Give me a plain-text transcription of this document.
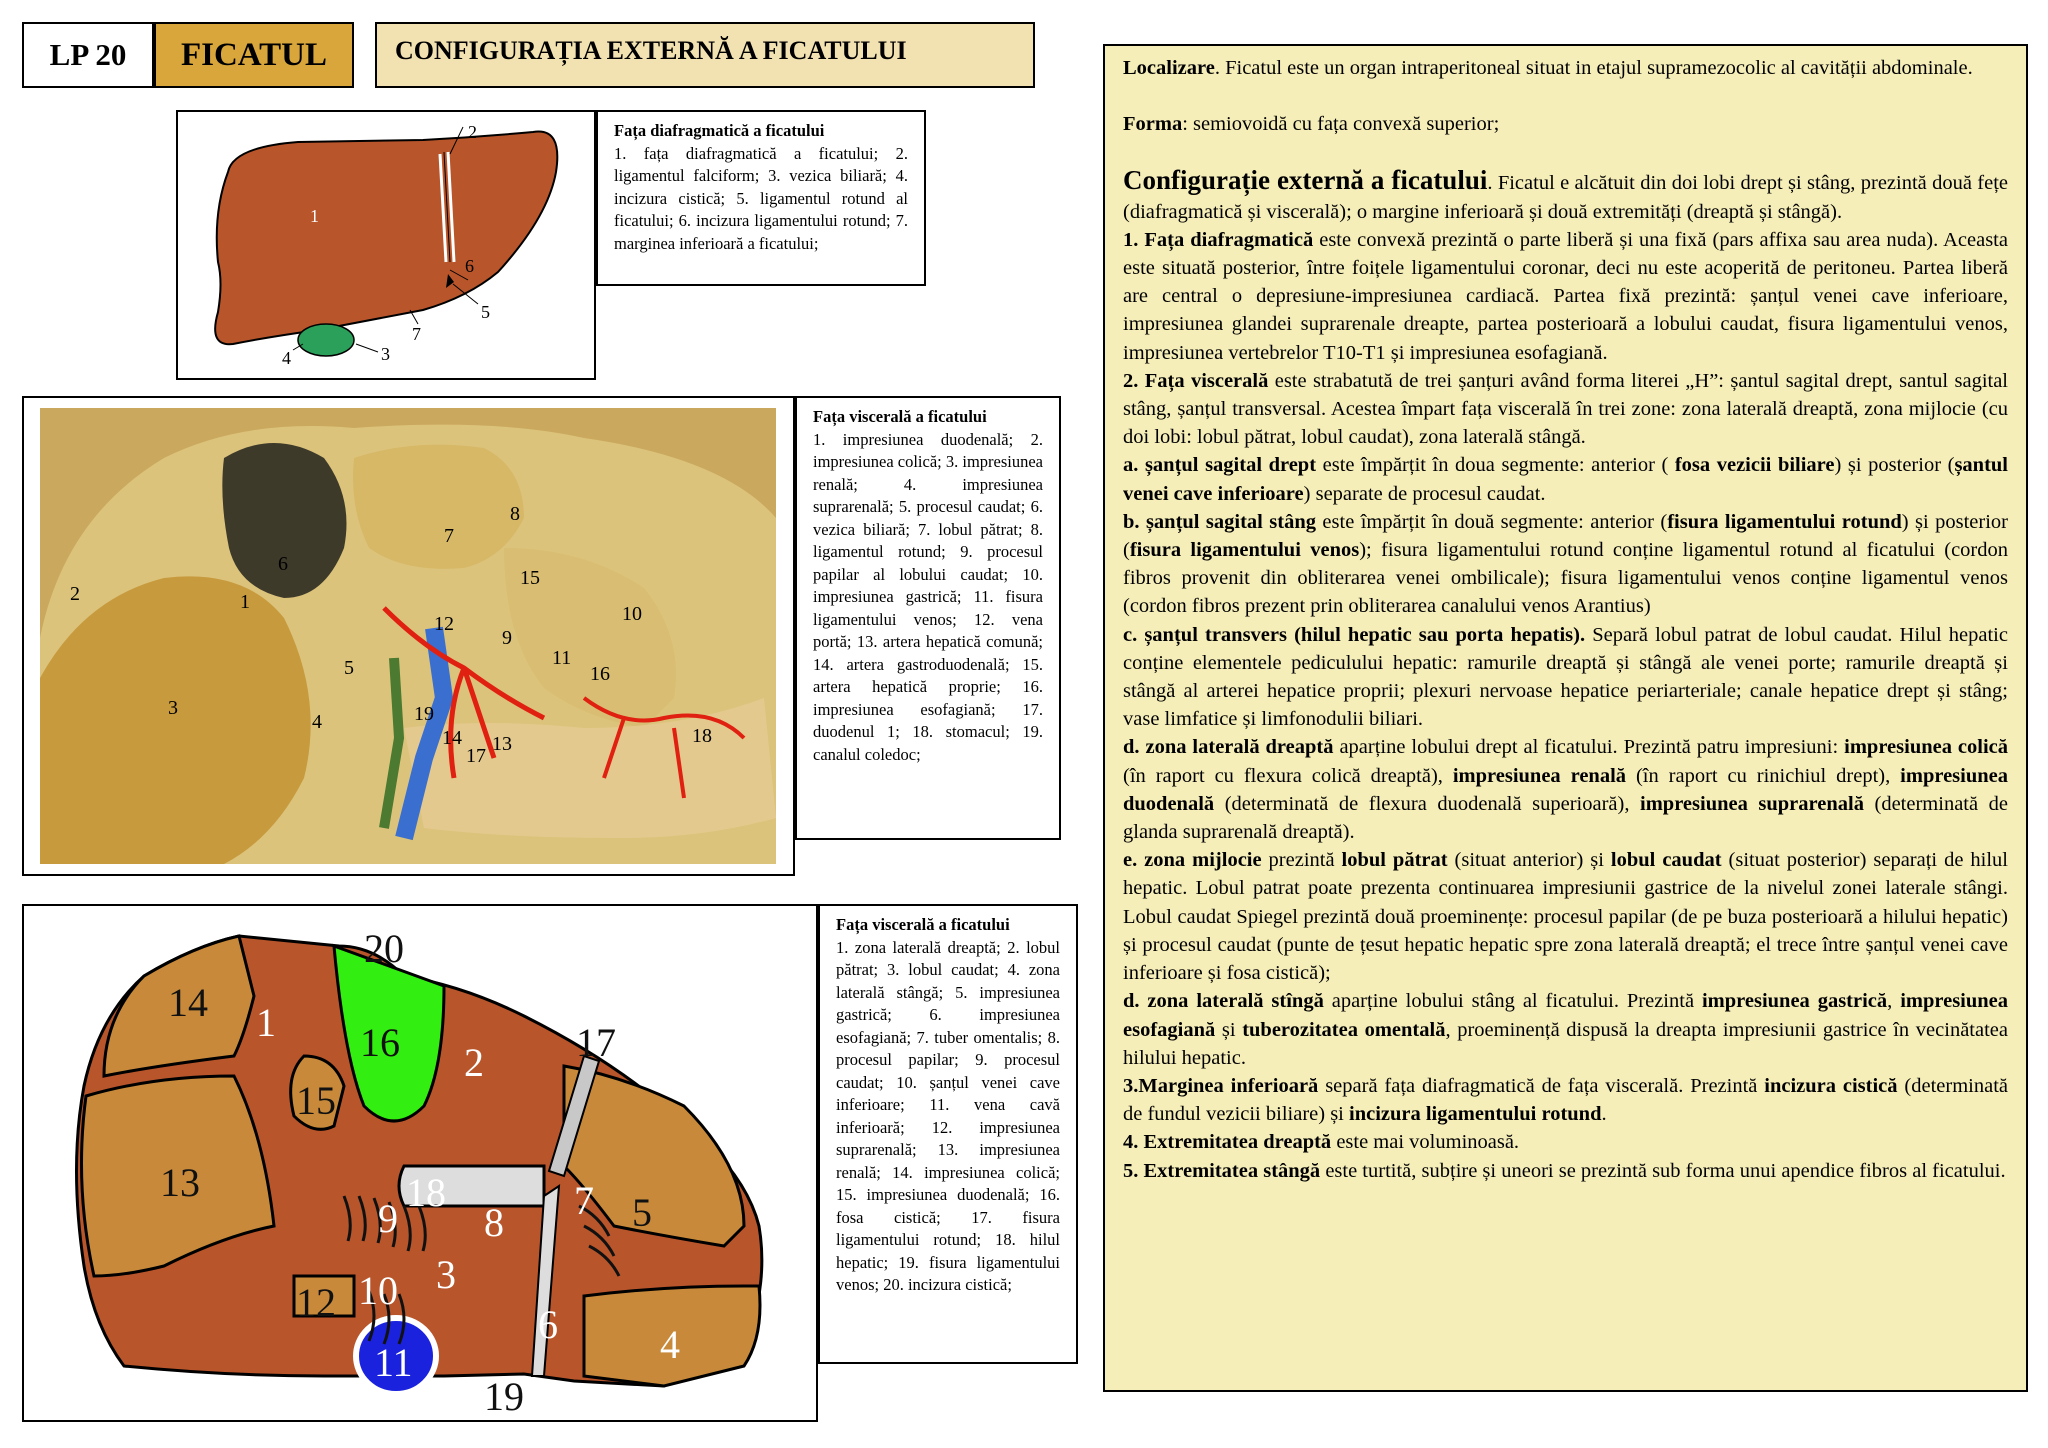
LP 20	FICATUL	CONFIGURAȚIA EXTERNĂ A FICATULUI
1
2
3
4
5
6
7
Fața diafragmatică a ficatului
1. fața diafragmatică a ficatului; 2. ligamentul falciform; 3. vezica biliară; 4. incizura cistică; 5. ligamentul rotund al ficatului; 6. incizura ligamentului rotund; 7. marginea inferioară a ficatului;
1
2
3
4
5
6
7
8
9
10
11
12
13
14
15
16
17
18
19
Fața viscerală a ficatului
1. impresiunea duodenală; 2. impresiunea colică; 3. impresiunea renală; 4. impresiunea suprarenală; 5. procesul caudat; 6. vezica biliară; 7. lobul pătrat; 8. ligamentul rotund; 9. procesul papilar al lobului caudat; 10. impresiunea gastrică; 11. fisura ligamentului venos; 12. vena portă; 13. artera hepatică comună; 14. artera gastroduodenală; 15. artera hepatică proprie; 16. impresiunea esofagiană; 17. duodenul 1; 18. stomacul; 19. canalul coledoc;
1
2
3
4
5
6
7
8
9
10
11
12
13
14
15
16	17
18
19
20
Fața viscerală a ficatului
1. zona laterală dreaptă; 2. lobul pătrat; 3. lobul caudat; 4. zona laterală stângă; 5. impresiunea gastrică; 6. impresiunea esofagiană; 7. tuber omentalis; 8. procesul papilar; 9. procesul caudat; 10. șanțul venei cave inferioare; 11. vena cavă inferioară; 12. impresiunea suprarenală; 13. impresiunea renală; 14. impresiunea colică; 15. impresiunea duodenală; 16. fosa cistică; 17. fisura ligamentului rotund; 18. hilul hepatic; 19. fisura ligamentului venos; 20. incizura cistică;

Localizare. Ficatul este un organ intraperitoneal situat in etajul supramezocolic al cavității abdominale.

Forma: semiovoidă cu fața convexă superior;

Configurație externă a ficatului. Ficatul e alcătuit din doi lobi drept și stâng, prezintă două fețe (diafragmatică și viscerală); o margine inferioară și două extremități (dreaptă și stângă).

1. Fața diafragmatică este convexă prezintă o parte liberă și una fixă (pars affixa sau area nuda). Aceasta este situată posterior, între foițele ligamentului coronar, deci nu este acoperită de peritoneu. Partea liberă are central o depresiune-impresiunea cardiacă. Partea fixă prezintă: șanțul venei cave inferioare, impresiunea glandei suprarenale dreapte, partea posterioară a lobului caudat, fisura ligamentului venos, impresiunea vertebrelor T10-T1 și impresiunea esofagiană.

2. Fața viscerală este strabatută de trei șanțuri având forma literei „H”: șantul sagital drept, santul sagital stâng, șanțul transversal. Acestea împart fața viscerală în trei zone: zona laterală dreaptă, zona mijlocie (cu doi lobi: lobul pătrat, lobul caudat), zona laterală stângă.

a. șanțul sagital drept este împărțit în doua segmente: anterior ( fosa vezicii biliare) și posterior (șantul venei cave inferioare) separate de procesul caudat.

b. șanțul sagital stâng este împărțit în două segmente: anterior (fisura ligamentului rotund) și posterior (fisura ligamentului venos); fisura ligamentului rotund conține ligamentul rotund al ficatului (cordon fibros provenit din obliterarea venei ombilicale); fisura ligamentului venos conține ligamentul venos (cordon fibros prezent prin obliterarea canalului venos Arantius)

c. șanțul transvers (hilul hepatic sau porta hepatis). Separă lobul patrat de lobul caudat. Hilul hepatic conține elementele pediculului hepatic: ramurile dreaptă și stângă ale venei porte; ramurile dreaptă și stângă al arterei hepatice proprii; plexuri nervoase hepatice periarteriale; canale hepatice drept și stâng; vase limfatice și limfonodulii biliari.

d. zona laterală dreaptă aparține lobului drept al ficatului. Prezintă patru impresiuni: impresiunea colică (în raport cu flexura colică dreaptă), impresiunea renală (în raport cu rinichiul drept), impresiunea duodenală (determinată de flexura duodenală superioară), impresiunea suprarenală (determinată de glanda suprarenală dreaptă).

e. zona mijlocie prezintă lobul pătrat (situat anterior) și lobul caudat (situat posterior) separați de hilul hepatic. Lobul patrat poate prezenta continuarea impresiunii gastrice de la nivelul zonei laterale stângi. Lobul caudat Spiegel prezintă două proeminențe: procesul papilar (de pe buza posterioară a hilului hepatic) și procesul caudat (punte de țesut hepatic hepatic spre zona laterală dreaptă; el trece între șanțul venei cave inferioare și fosa cistică);

d. zona laterală stîngă aparține lobului stâng al ficatului. Prezintă impresiunea gastrică, impresiunea esofagiană și tuberozitatea omentală, proeminență dispusă la dreapta impresiunii gastrice în vecinătatea hilului hepatic.

3.Marginea inferioară separă fața diafragmatică de fața viscerală. Prezintă incizura cistică (determinată de fundul vezicii biliare) și incizura ligamentului rotund.

4. Extremitatea dreaptă este mai voluminoasă.

5. Extremitatea stângă este turtită, subțire și uneori se prezintă sub forma unui apendice fibros al ficatului.
